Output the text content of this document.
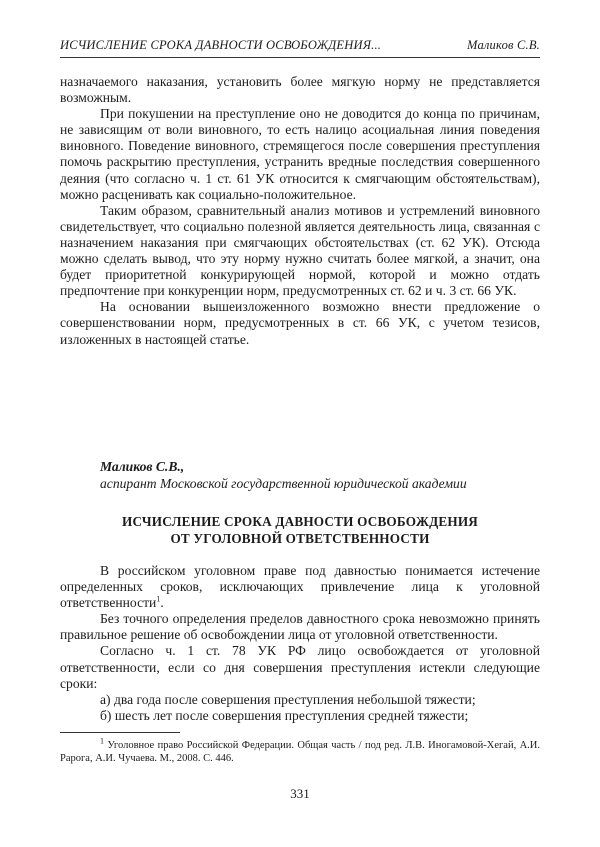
ИСЧИСЛЕНИЕ СРОКА ДАВНОСТИ ОСВОБОЖДЕНИЯ...	Маликов С.В.

назначаемого наказания, установить более мягкую норму не представляется возможным.

При покушении на преступление оно не доводится до конца по причинам, не зависящим от воли виновного, то есть налицо асоциальная линия поведения виновного. Поведение виновного, стремящегося после совершения преступления помочь раскрытию преступления, устранить вредные последствия совершенного деяния (что согласно ч. 1 ст. 61 УК относится к смягчающим обстоятельствам), можно расценивать как социально-положительное.

Таким образом, сравнительный анализ мотивов и устремлений виновного свидетельствует, что социально полезной является деятельность лица, связанная с назначением наказания при смягчающих обстоятельствах (ст. 62 УК). Отсюда можно сделать вывод, что эту норму нужно считать более мягкой, а значит, она будет приоритетной конкурирующей нормой, которой и можно отдать предпочтение при конкуренции норм, предусмотренных ст. 62 и ч. 3 ст. 66 УК.

На основании вышеизложенного возможно внести предложение о совершенствовании норм, предусмотренных в ст. 66 УК, с учетом тезисов, изложенных в настоящей статье.

Маликов С.В.,
аспирант Московской государственной юридической академии
ИСЧИСЛЕНИЕ СРОКА ДАВНОСТИ ОСВОБОЖДЕНИЯ
ОТ УГОЛОВНОЙ ОТВЕТСТВЕННОСТИ

В российском уголовном праве под давностью понимается истечение определенных сроков, исключающих привлечение лица к уголовной ответственности$^1$.

Без точного определения пределов давностного срока невозможно принять правильное решение об освобождении лица от уголовной ответственности.

Согласно ч. 1 ст. 78 УК РФ лицо освобождается от уголовной ответственности, если со дня совершения преступления истекли следующие сроки:

а) два года после совершения преступления небольшой тяжести;

б) шесть лет после совершения преступления средней тяжести;

$^1$ Уголовное право Российской Федерации. Общая часть / под ред. Л.В. Иногамовой-Хегай, А.И. Рарога, А.И. Чучаева. М., 2008. С. 446.
331
